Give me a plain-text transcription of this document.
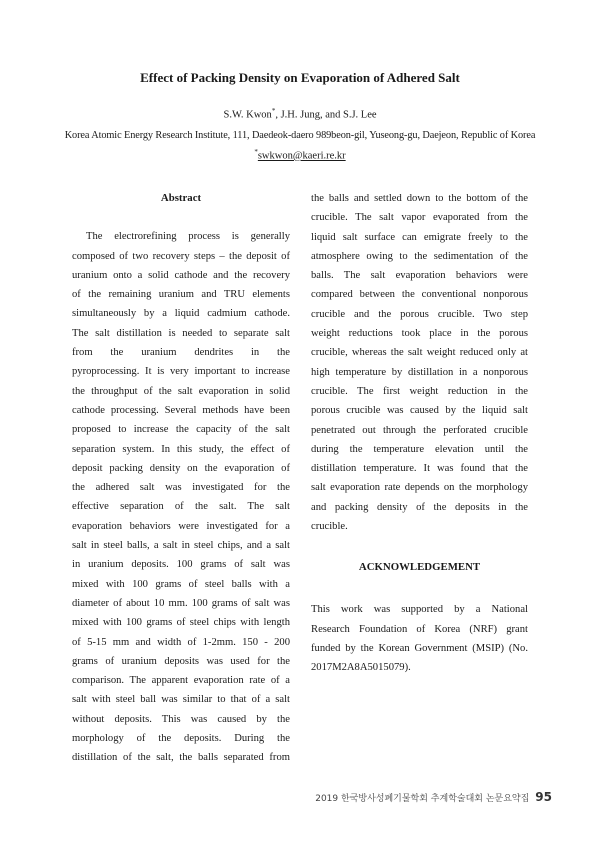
Effect of Packing Density on Evaporation of Adhered Salt
S.W. Kwon*, J.H. Jung, and S.J. Lee
Korea Atomic Energy Research Institute, 111, Daedeok-daero 989beon-gil, Yuseong-gu, Daejeon, Republic of Korea
*swkwon@kaeri.re.kr
Abstract

The electrorefining process is generally

composed of two recovery steps – the deposit of

uranium onto a solid cathode and the recovery

of the remaining uranium and TRU elements

simultaneously by a liquid cadmium cathode.

The salt distillation is needed to separate salt

from the uranium dendrites in the

pyroprocessing. It is very important to increase

the throughput of the salt evaporation in solid

cathode processing. Several methods have been

proposed to increase the capacity of the salt

separation system. In this study, the effect of

deposit packing density on the evaporation of

the adhered salt was investigated for the

effective separation of the salt. The salt

evaporation behaviors were investigated for a

salt in steel balls, a salt in steel chips, and a salt

in uranium deposits. 100 grams of salt was

mixed with 100 grams of steel balls with a

diameter of about 10 mm. 100 grams of salt was

mixed with 100 grams of steel chips with length

of 5-15 mm and width of 1-2mm. 150 - 200

grams of uranium deposits was used for the

comparison. The apparent evaporation rate of a

salt with steel ball was similar to that of a salt

without deposits. This was caused by the

morphology of the deposits. During the

distillation of the salt, the balls separated from

the balls and settled down to the bottom of the

crucible. The salt vapor evaporated from the

liquid salt surface can emigrate freely to the

atmosphere owing to the sedimentation of the

balls. The salt evaporation behaviors were

compared between the conventional nonporous

crucible and the porous crucible. Two step

weight reductions took place in the porous

crucible, whereas the salt weight reduced only at

high temperature by distillation in a nonporous

crucible. The first weight reduction in the

porous crucible was caused by the liquid salt

penetrated out through the perforated crucible

during the temperature elevation until the

distillation temperature. It was found that the

salt evaporation rate depends on the morphology

and packing density of the deposits in the

crucible.

ACKNOWLEDGEMENT

This work was supported by a National

Research Foundation of Korea (NRF) grant

funded by the Korean Government (MSIP) (No.

2017M2A8A5015079).

2019 한국방사성폐기물학회 추계학술대회 논문요약집 95
